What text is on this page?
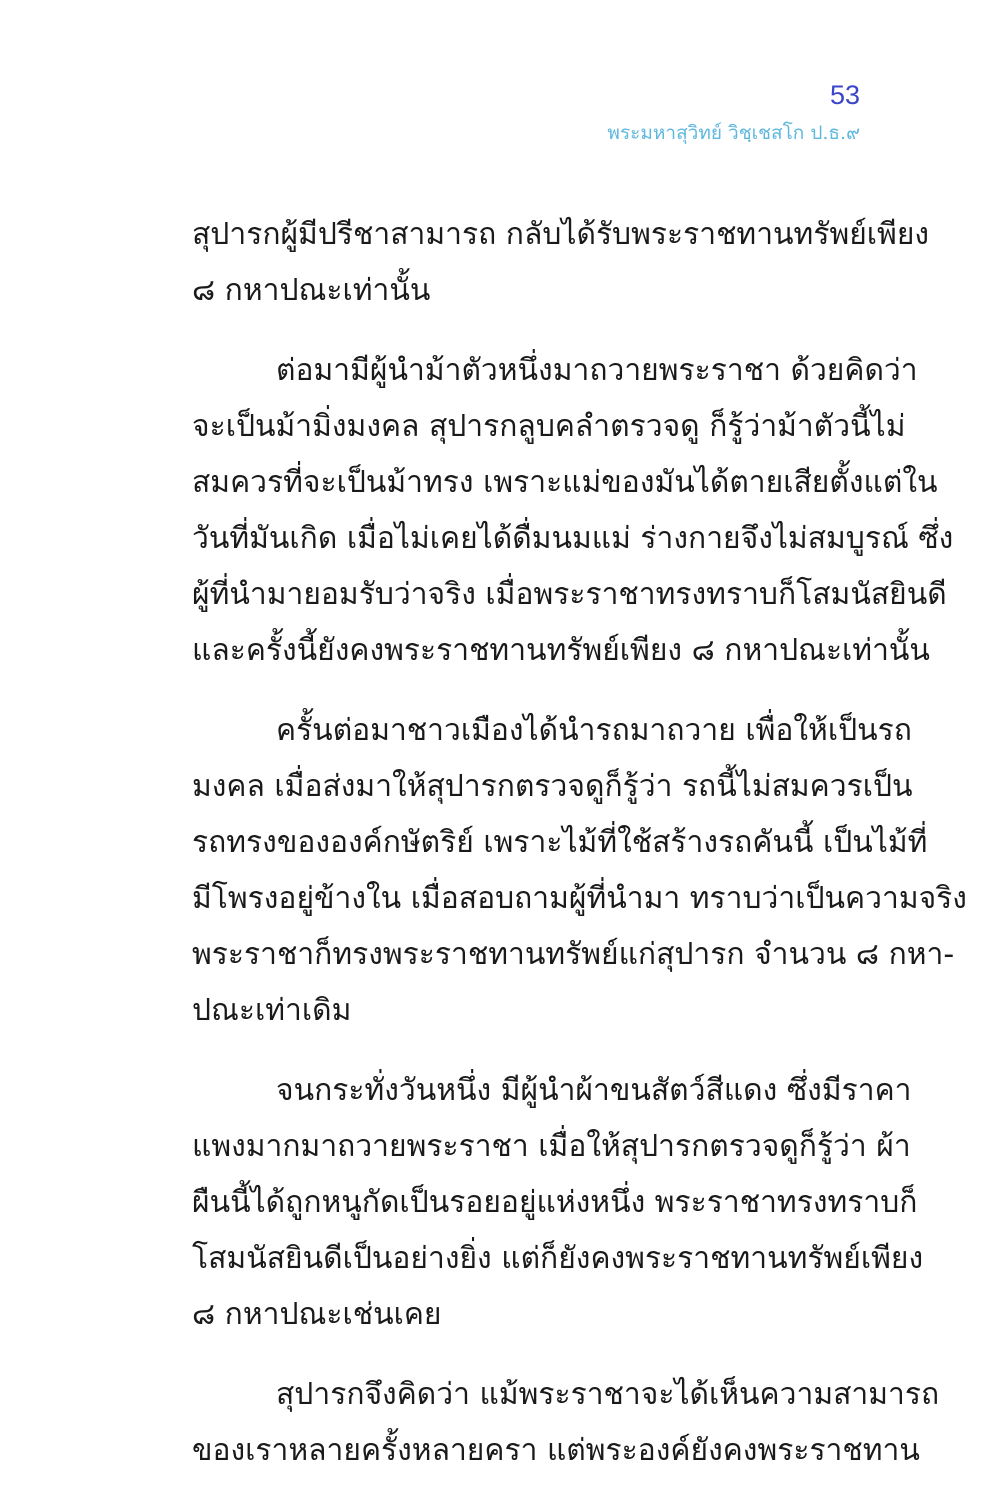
53
พระมหาสุวิทย์ วิชฺเชสโก ป.ธ.๙
สุปารกผู้มีปรีชาสามารถ กลับได้รับพระราชทานทรัพย์เพียง
๘ กหาปณะเท่านั้น
ต่อมามีผู้นำม้าตัวหนึ่งมาถวายพระราชา ด้วยคิดว่า
จะเป็นม้ามิ่งมงคล สุปารกลูบคลำตรวจดู ก็รู้ว่าม้าตัวนี้ไม่
สมควรที่จะเป็นม้าทรง เพราะแม่ของมันได้ตายเสียตั้งแต่ใน
วันที่มันเกิด เมื่อไม่เคยได้ดื่มนมแม่ ร่างกายจึงไม่สมบูรณ์ ซึ่ง
ผู้ที่นำมายอมรับว่าจริง เมื่อพระราชาทรงทราบก็โสมนัสยินดี
และครั้งนี้ยังคงพระราชทานทรัพย์เพียง ๘ กหาปณะเท่านั้น
ครั้นต่อมาชาวเมืองได้นำรถมาถวาย เพื่อให้เป็นรถ
มงคล เมื่อส่งมาให้สุปารกตรวจดูก็รู้ว่า รถนี้ไม่สมควรเป็น
รถทรงขององค์กษัตริย์ เพราะไม้ที่ใช้สร้างรถคันนี้ เป็นไม้ที่
มีโพรงอยู่ข้างใน เมื่อสอบถามผู้ที่นำมา ทราบว่าเป็นความจริง
พระราชาก็ทรงพระราชทานทรัพย์แก่สุปารก จำนวน ๘ กหา-
ปณะเท่าเดิม
จนกระทั่งวันหนึ่ง มีผู้นำผ้าขนสัตว์สีแดง ซึ่งมีราคา
แพงมากมาถวายพระราชา เมื่อให้สุปารกตรวจดูก็รู้ว่า ผ้า
ผืนนี้ได้ถูกหนูกัดเป็นรอยอยู่แห่งหนึ่ง พระราชาทรงทราบก็
โสมนัสยินดีเป็นอย่างยิ่ง แต่ก็ยังคงพระราชทานทรัพย์เพียง
๘ กหาปณะเช่นเคย
สุปารกจึงคิดว่า แม้พระราชาจะได้เห็นความสามารถ
ของเราหลายครั้งหลายครา แต่พระองค์ยังคงพระราชทาน
